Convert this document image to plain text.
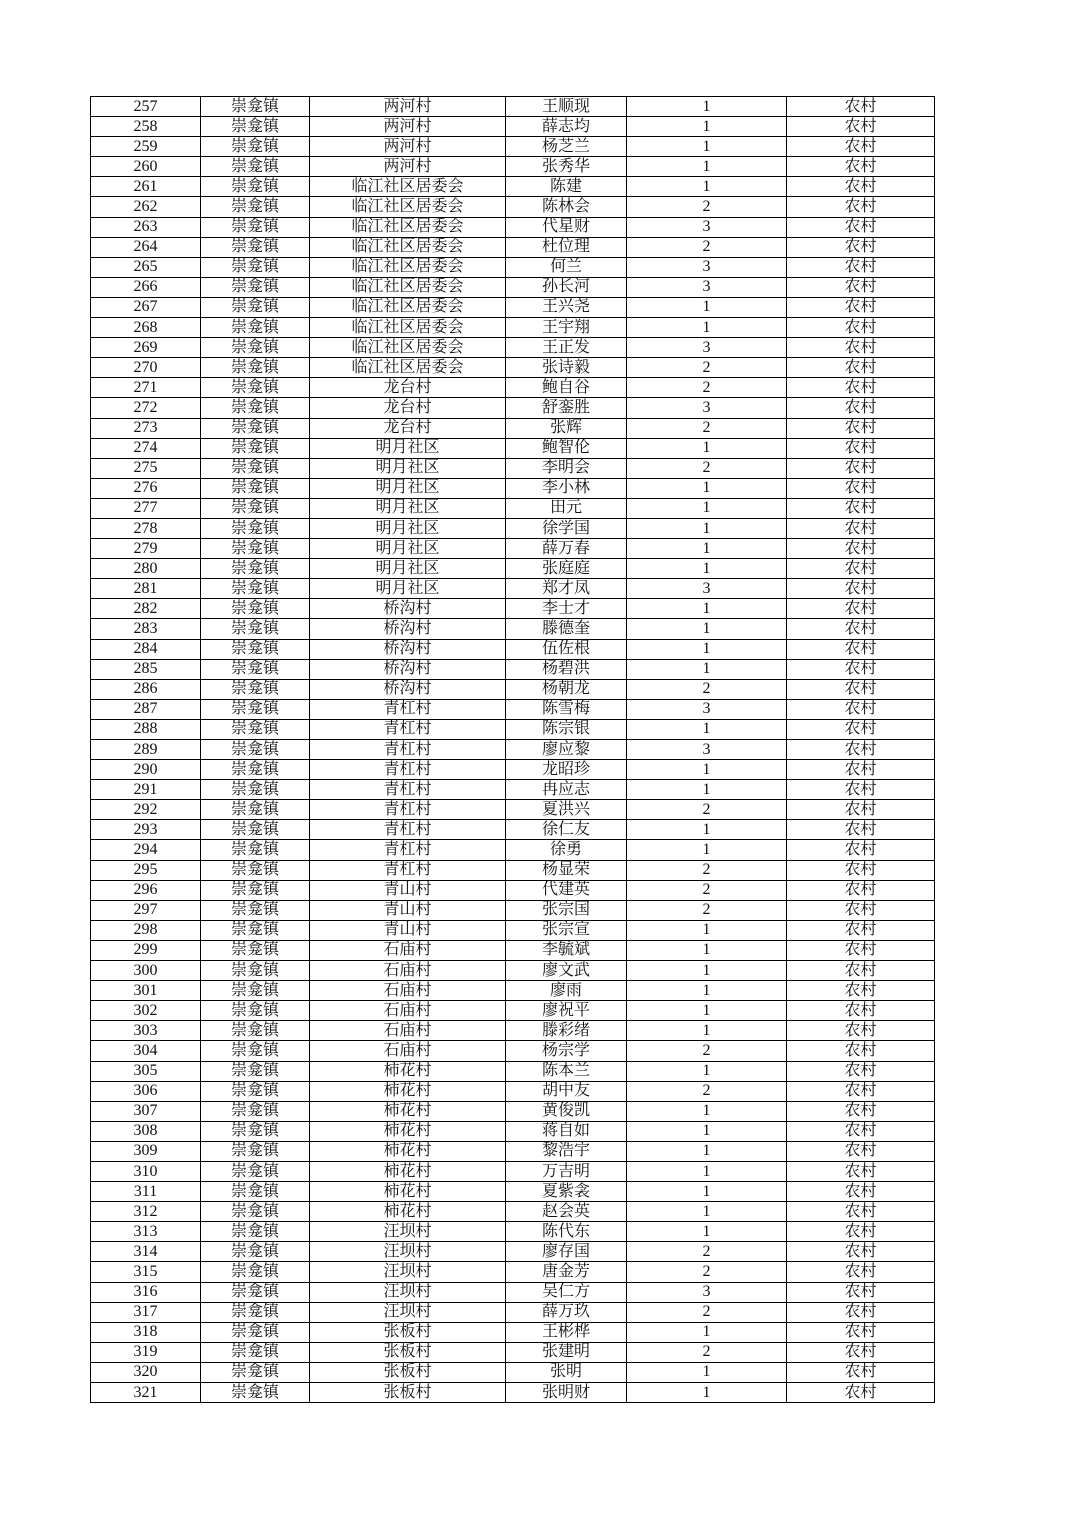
257	崇龛镇	两河村	王顺现	1	农村
258	崇龛镇	两河村	薛志均	1	农村
259	崇龛镇	两河村	杨芝兰	1	农村
260	崇龛镇	两河村	张秀华	1	农村
261	崇龛镇	临江社区居委会	陈建	1	农村
262	崇龛镇	临江社区居委会	陈林会	2	农村
263	崇龛镇	临江社区居委会	代星财	3	农村
264	崇龛镇	临江社区居委会	杜位理	2	农村
265	崇龛镇	临江社区居委会	何兰	3	农村
266	崇龛镇	临江社区居委会	孙长河	3	农村
267	崇龛镇	临江社区居委会	王兴尧	1	农村
268	崇龛镇	临江社区居委会	王宇翔	1	农村
269	崇龛镇	临江社区居委会	王正发	3	农村
270	崇龛镇	临江社区居委会	张诗毅	2	农村
271	崇龛镇	龙台村	鲍自谷	2	农村
272	崇龛镇	龙台村	舒銮胜	3	农村
273	崇龛镇	龙台村	张辉	2	农村
274	崇龛镇	明月社区	鲍智伦	1	农村
275	崇龛镇	明月社区	李明会	2	农村
276	崇龛镇	明月社区	李小林	1	农村
277	崇龛镇	明月社区	田元	1	农村
278	崇龛镇	明月社区	徐学国	1	农村
279	崇龛镇	明月社区	薛万春	1	农村
280	崇龛镇	明月社区	张庭庭	1	农村
281	崇龛镇	明月社区	郑才凤	3	农村
282	崇龛镇	桥沟村	李士才	1	农村
283	崇龛镇	桥沟村	滕德奎	1	农村
284	崇龛镇	桥沟村	伍佐根	1	农村
285	崇龛镇	桥沟村	杨碧洪	1	农村
286	崇龛镇	桥沟村	杨朝龙	2	农村
287	崇龛镇	青杠村	陈雪梅	3	农村
288	崇龛镇	青杠村	陈宗银	1	农村
289	崇龛镇	青杠村	廖应黎	3	农村
290	崇龛镇	青杠村	龙昭珍	1	农村
291	崇龛镇	青杠村	冉应志	1	农村
292	崇龛镇	青杠村	夏洪兴	2	农村
293	崇龛镇	青杠村	徐仁友	1	农村
294	崇龛镇	青杠村	徐勇	1	农村
295	崇龛镇	青杠村	杨显荣	2	农村
296	崇龛镇	青山村	代建英	2	农村
297	崇龛镇	青山村	张宗国	2	农村
298	崇龛镇	青山村	张宗宣	1	农村
299	崇龛镇	石庙村	李毓斌	1	农村
300	崇龛镇	石庙村	廖文武	1	农村
301	崇龛镇	石庙村	廖雨	1	农村
302	崇龛镇	石庙村	廖祝平	1	农村
303	崇龛镇	石庙村	滕彩绪	1	农村
304	崇龛镇	石庙村	杨宗学	2	农村
305	崇龛镇	柿花村	陈本兰	1	农村
306	崇龛镇	柿花村	胡中友	2	农村
307	崇龛镇	柿花村	黄俊凯	1	农村
308	崇龛镇	柿花村	蒋自如	1	农村
309	崇龛镇	柿花村	黎浩宇	1	农村
310	崇龛镇	柿花村	万吉明	1	农村
311	崇龛镇	柿花村	夏紫衾	1	农村
312	崇龛镇	柿花村	赵会英	1	农村
313	崇龛镇	汪坝村	陈代东	1	农村
314	崇龛镇	汪坝村	廖存国	2	农村
315	崇龛镇	汪坝村	唐金芳	2	农村
316	崇龛镇	汪坝村	吴仁方	3	农村
317	崇龛镇	汪坝村	薛万玖	2	农村
318	崇龛镇	张板村	王彬桦	1	农村
319	崇龛镇	张板村	张建明	2	农村
320	崇龛镇	张板村	张明	1	农村
321	崇龛镇	张板村	张明财	1	农村
